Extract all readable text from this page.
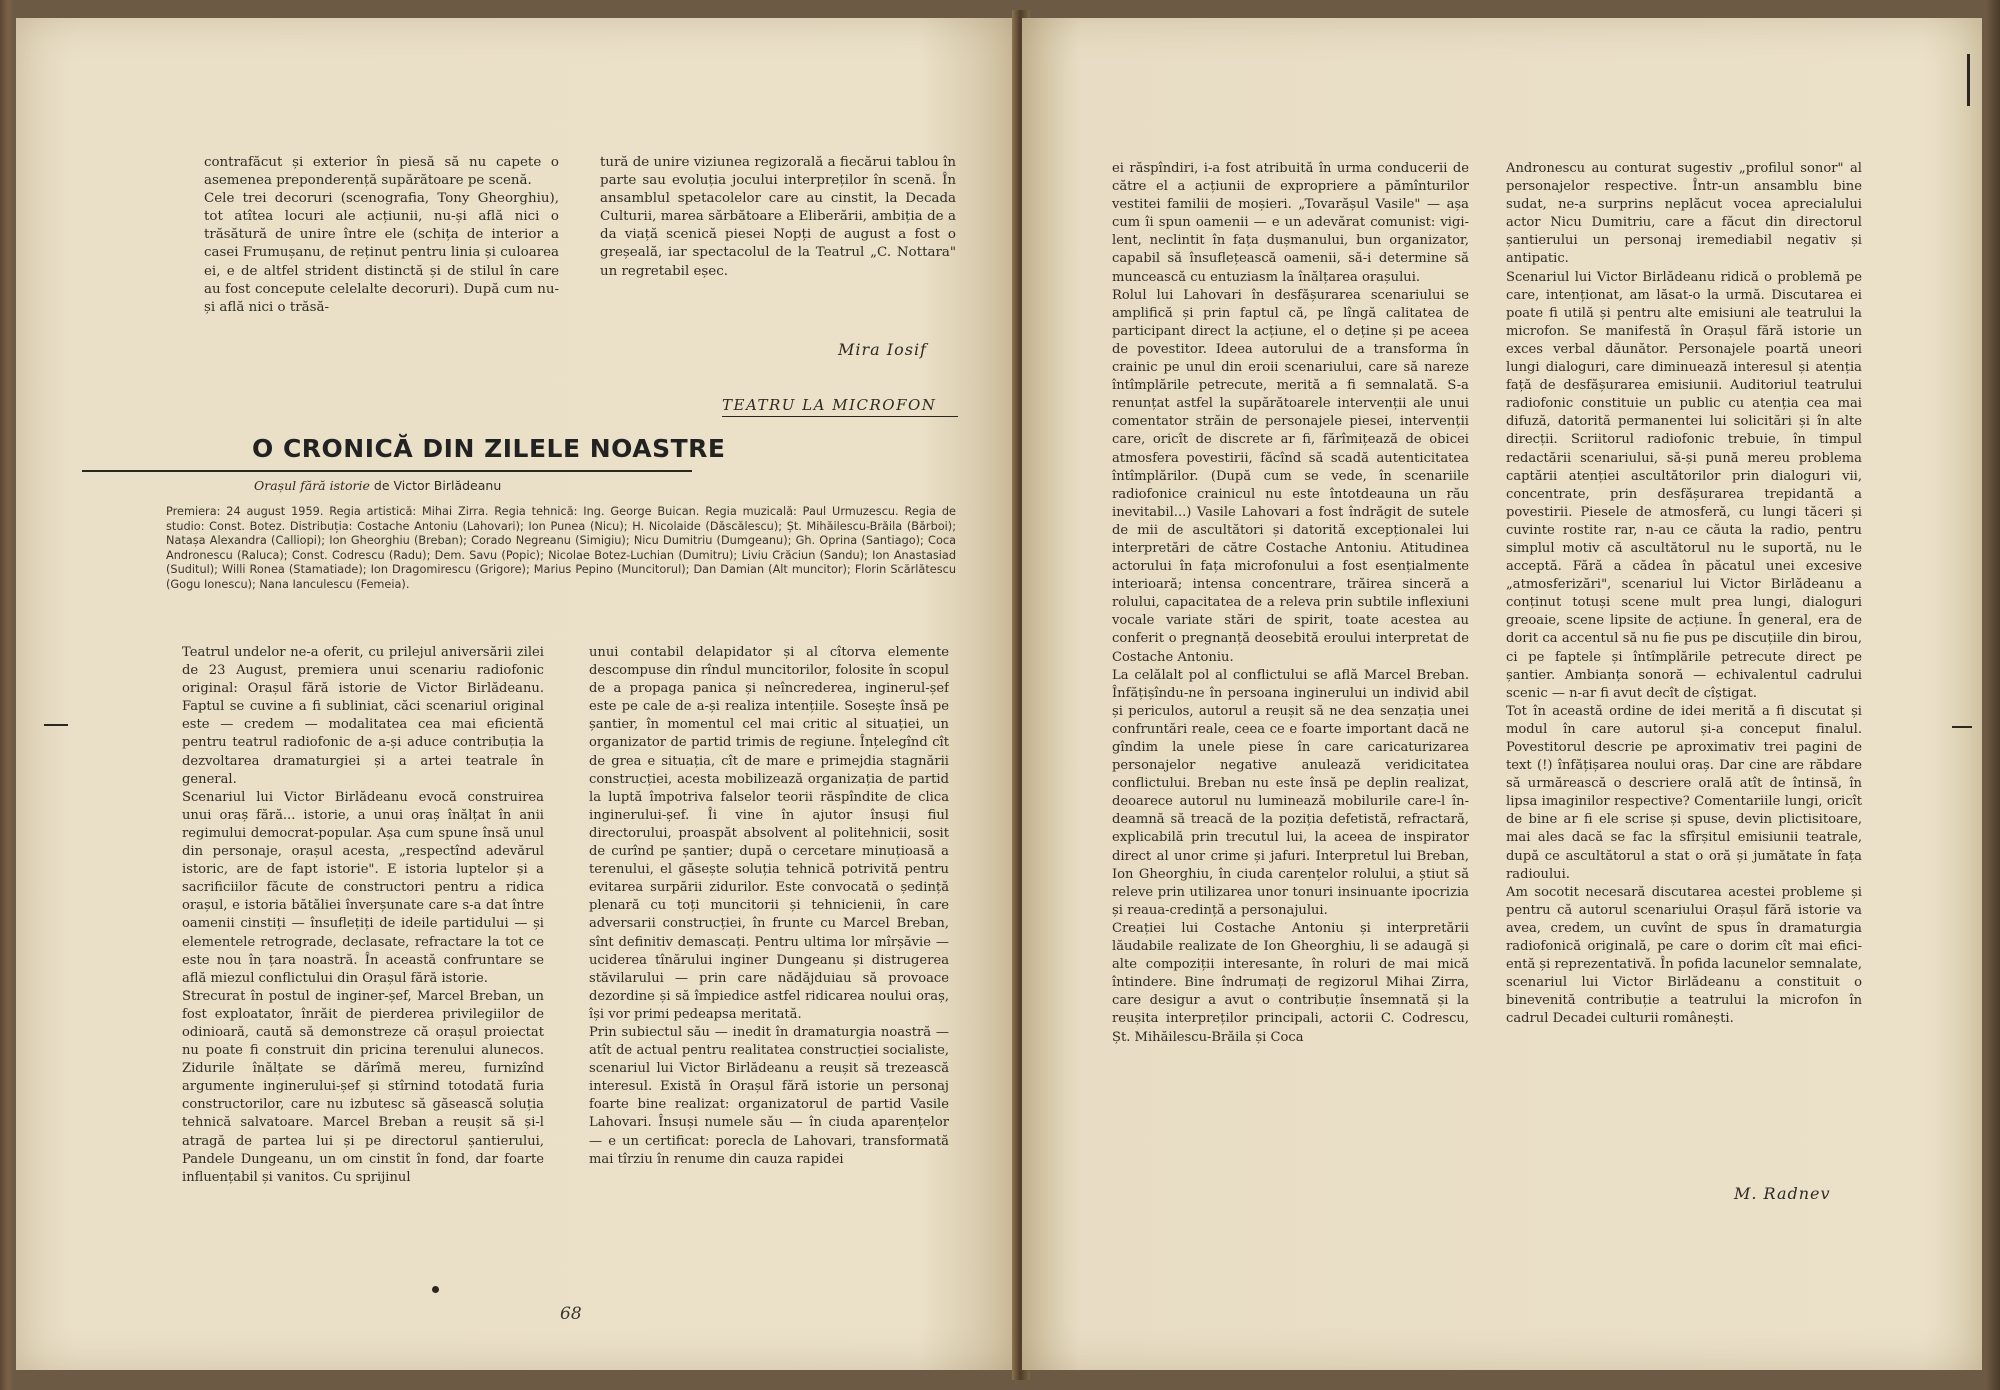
contrafăcut și exterior în piesă să nu capete o asemenea preponderență supărătoare pe scenă.
Cele trei decoruri (scenografia, Tony Gheorghiu), tot atîtea locuri ale acțiunii, nu-și află nici o trăsătură de unire între ele (schița de interior a casei Frumușanu, de reținut pentru linia și culoarea ei, e de altfel strident distinctă și de stilul în care au fost concepute celelalte decoruri). După cum nu-și află nici o trăsă-
tură de unire viziunea regizorală a fiecărui tablou în parte sau evoluția jocului interpreților în scenă. În ansamblul spetacolelor care au cinstit, la Decada Culturii, marea sărbătoare a Eliberării, ambiția de a da viață scenică piesei Nopți de august a fost o greșeală, iar spectacolul de la Teatrul „C. Nottara" un regretabil eșec.
Mira Iosif
TEATRU LA MICROFON
O CRONICĂ DIN ZILELE NOASTRE
Orașul fără istorie de Victor Birlădeanu
Premiera: 24 august 1959. Regia artistică: Mihai Zirra. Regia tehnică: Ing. George Buican. Regia muzicală: Paul Urmuzescu. Regia de studio: Const. Botez. Distribuția: Costache Antoniu (Lahovari); Ion Punea (Nicu); H. Nicolaide (Dăscălescu); Șt. Mihăilescu-Brăila (Bărboi); Natașa Alexandra (Calliopi); Ion Gheorghiu (Breban); Corado Negreanu (Simigiu); Nicu Dumitriu (Dumgeanu); Gh. Oprina (Santiago); Coca Andronescu (Raluca); Const. Codrescu (Radu); Dem. Savu (Popic); Nicolae Botez-Luchian (Dumitru); Liviu Crăciun (Sandu); Ion Anastasiad (Suditul); Willi Ronea (Stamatiade); Ion Dragomirescu (Grigore); Marius Pepino (Muncitorul); Dan Damian (Alt muncitor); Florin Scărlătescu (Gogu Ionescu); Nana Ianculescu (Femeia).
Teatrul undelor ne-a oferit, cu prilejul aniversării zilei de 23 August, premiera unui scenariu radiofonic original: Orașul fără istorie de Victor Birlădeanu. Faptul se cuvine a fi subliniat, căci scenariul original este — credem — modalitatea cea mai eficientă pentru teatrul radiofonic de a-și aduce contribuția la dezvoltarea dramaturgiei și a artei teatrale în general.
Scenariul lui Victor Birlădeanu evocă construirea unui oraș fără... istorie, a unui oraș înălțat în anii regimului democrat-popular. Așa cum spune însă unul din personaje, orașul acesta, „respectînd adevărul istoric, are de fapt istorie". E istoria luptelor și a sacrificiilor făcute de constructori pentru a ridica orașul, e istoria bătăliei înverșunate care s-a dat între oamenii cinstiți — însuflețiți de ideile partidului — și elementele retrograde, declasate, refractare la tot ce este nou în țara noastră. În această confruntare se află miezul conflictului din Orașul fără istorie.
Strecurat în postul de inginer-șef, Marcel Breban, un fost exploatator, înrăit de pierderea privilegiilor de odinioară, caută să demonstreze că orașul proiectat nu poate fi construit din pricina terenului alunecos. Zidurile înălțate se dărîmă mereu, furnizînd argumente inginerului-șef și stîrnind totodată furia constructorilor, care nu izbutesc să găsească soluția tehnică salvatoare. Marcel Breban a reușit să și-l atragă de partea lui și pe directorul șantierului, Pandele Dungeanu, un om cinstit în fond, dar foarte influențabil și vanitos. Cu sprijinul
unui contabil delapidator și al cîtorva elemente descompuse din rîndul muncitorilor, folosite în scopul de a propaga panica și neîncrederea, inginerul-șef este pe cale de a-și realiza intențiile. Sosește însă pe șantier, în momentul cel mai critic al situației, un organizator de partid trimis de regiune. Înțelegînd cît de grea e situația, cît de mare e primejdia stagnării construcției, acesta mobilizează organizația de partid la luptă împotriva falselor teorii răspîndite de clica inginerului-șef. Îi vine în ajutor însuși fiul directorului, proaspăt absolvent al politehnicii, sosit de curînd pe șantier; după o cercetare minuțioasă a terenului, el găsește soluția tehnică potrivită pentru evitarea surpării zidurilor. Este convocată o ședință plenară cu toți muncitorii și tehnicienii, în care adversarii construcției, în frunte cu Marcel Breban, sînt definitiv demascați. Pentru ultima lor mîrșăvie — uciderea tînărului inginer Dungeanu și distrugerea stăvilarului — prin care nădăjduiau să provoace dezordine și să împiedice astfel ridicarea noului oraș, își vor primi pedeapsa meritată.
Prin subiectul său — inedit în dramaturgia noastră — atît de actual pentru realitatea construcției socialiste, scenariul lui Victor Birlădeanu a reușit să trezească interesul. Există în Orașul fără istorie un personaj foarte bine realizat: organizatorul de partid Vasile Lahovari. Însuși numele său — în ciuda aparențelor — e un certificat: porecla de Lahovari, transformată mai tîrziu în renume din cauza rapidei
68
ei răspîndiri, i-a fost atribuită în urma conducerii de către el a acțiunii de expropriere a pămînturilor vestitei familii de moșieri. „Tovarășul Vasile" — așa cum îi spun oamenii — e un adevărat comunist: vigilent, neclintit în fața dușmanului, bun organizator, capabil să însuflețească oamenii, să-i determine să muncească cu entuziasm la înălțarea orașului.
Rolul lui Lahovari în desfășurarea scenariului se amplifică și prin faptul că, pe lîngă calitatea de participant direct la acțiune, el o deține și pe aceea de povestitor. Ideea autorului de a transforma în crainic pe unul din eroii scenariului, care să nareze întîmplările petrecute, merită a fi semnalată. S-a renunțat astfel la supărătoarele intervenții ale unui comentator străin de personajele piesei, intervenții care, oricît de discrete ar fi, fărîmițează de obicei atmosfera povestirii, făcînd să scadă autenticitatea întîmplărilor. (După cum se vede, în scenariile radiofonice crainicul nu este întotdeauna un rău inevitabil...) Vasile Lahovari a fost îndrăgit de sutele de mii de ascultători și datorită excepționalei lui interpretări de către Costache Antoniu. Atitudinea actorului în fața microfonului a fost esențialmente interioară; intensa concentrare, trăirea sinceră a rolului, capacitatea de a releva prin subtile inflexiuni vocale variate stări de spirit, toate acestea au conferit o pregnanță deosebită eroului interpretat de Costache Antoniu.
La celălalt pol al conflictului se află Marcel Breban. Înfățișîndu-ne în persoana inginerului un individ abil și periculos, autorul a reușit să ne dea senzația unei confruntări reale, ceea ce e foarte important dacă ne gîndim la unele piese în care caricaturizarea personajelor negative anulează veridicitatea conflictului. Breban nu este însă pe deplin realizat, deoarece autorul nu luminează mobilurile care-l îndeamnă să treacă de la poziția defetistă, refractară, explicabilă prin trecutul lui, la aceea de inspirator direct al unor crime și jafuri. Interpretul lui Breban, Ion Gheorghiu, în ciuda carențelor rolului, a știut să releve prin utilizarea unor tonuri insinuante ipocrizia și reaua-credință a personajului.
Creației lui Costache Antoniu și interpretării lăudabile realizate de Ion Gheorghiu, li se adaugă și alte compoziții interesante, în roluri de mai mică întindere. Bine îndrumați de regizorul Mihai Zirra, care desigur a avut o contribuție însemnată și la reușita interpreților principali, actorii C. Codrescu, Șt. Mihăilescu-Brăila și Coca
Andronescu au conturat sugestiv „profilul sonor" al personajelor respective. Într-un ansamblu bine sudat, ne-a surprins neplăcut vocea aprecialului actor Nicu Dumitriu, care a făcut din directorul șantierului un personaj iremediabil negativ și antipatic.
Scenariul lui Victor Birlădeanu ridică o problemă pe care, intenționat, am lăsat-o la urmă. Discutarea ei poate fi utilă și pentru alte emisiuni ale teatrului la microfon. Se manifestă în Orașul fără istorie un exces verbal dăunător. Personajele poartă uneori lungi dialoguri, care diminuează interesul și atenția față de desfășurarea emisiunii. Auditoriul teatrului radiofonic constituie un public cu atenția cea mai difuză, datorită permanentei lui solicitări și în alte direcții. Scriitorul radiofonic trebuie, în timpul redactării scenariului, să-și pună mereu problema captării atenției ascultătorilor prin dialoguri vii, concentrate, prin desfășurarea trepidantă a povestirii. Piesele de atmosferă, cu lungi tăceri și cuvinte rostite rar, n-au ce căuta la radio, pentru simplul motiv că ascultătorul nu le suportă, nu le acceptă. Fără a cădea în păcatul unei excesive „atmosferizări", scenariul lui Victor Birlădeanu a conținut totuși scene mult prea lungi, dialoguri greoaie, scene lipsite de acțiune. În general, era de dorit ca accentul să nu fie pus pe discuțiile din birou, ci pe faptele și întîmplările petrecute direct pe șantier. Ambianța sonoră — echivalentul cadrului scenic — n-ar fi avut decît de cîștigat.
Tot în această ordine de idei merită a fi discutat și modul în care autorul și-a conceput finalul. Povestitorul descrie pe aproximativ trei pagini de text (!) înfățișarea noului oraș. Dar cine are răbdare să urmărească o descriere orală atît de întinsă, în lipsa imaginilor respective? Comentariile lungi, oricît de bine ar fi ele scrise și spuse, devin plictisitoare, mai ales dacă se fac la sfîrșitul emisiunii teatrale, după ce ascultătorul a stat o oră și jumătate în fața radioului.
Am socotit necesară discutarea acestei probleme și pentru că autorul scenariului Orașul fără istorie va avea, credem, un cuvînt de spus în dramaturgia radiofonică originală, pe care o dorim cît mai eficientă și reprezentativă. În pofida lacunelor semnalate, scenariul lui Victor Birlădeanu a constituit o binevenită contribuție a teatrului la microfon în cadrul Decadei culturii românești.
M. Radnev
